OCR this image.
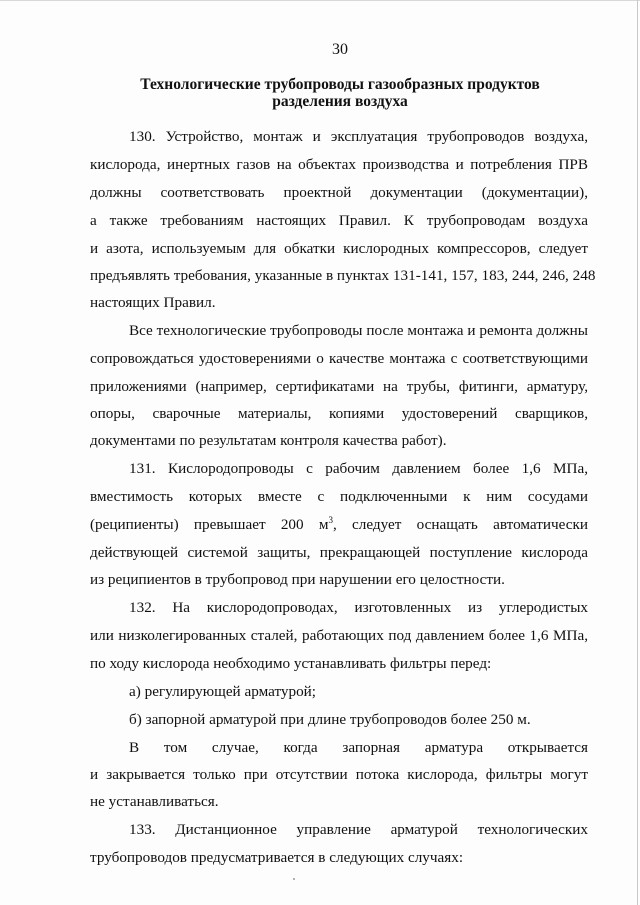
30
Технологические трубопроводы газообразных продуктов
разделения воздуха
130. Устройство, монтаж и эксплуатация трубопроводов воздуха,
кислорода, инертных газов на объектах производства и потребления ПРВ
должны соответствовать проектной документации (документации),
а также требованиям настоящих Правил. К трубопроводам воздуха
и азота, используемым для обкатки кислородных компрессоров, следует
предъявлять требования, указанные в пунктах 131-141, 157, 183, 244, 246, 248
настоящих Правил.
Все технологические трубопроводы после монтажа и ремонта должны
сопровождаться удостоверениями о качестве монтажа с соответствующими
приложениями (например, сертификатами на трубы, фитинги, арматуру,
опоры, сварочные материалы, копиями удостоверений сварщиков,
документами по результатам контроля качества работ).
131. Кислородопроводы с рабочим давлением более 1,6 МПа,
вместимость которых вместе с подключенными к ним сосудами
(реципиенты)   превышает   200   $м^3$,   следует   оснащать   автоматически
действующей системой защиты, прекращающей поступление кислорода
из реципиентов в трубопровод при нарушении его целостности.
132. На кислородопроводах, изготовленных из углеродистых
или низколегированных сталей, работающих под давлением более 1,6 МПа,
по ходу кислорода необходимо устанавливать фильтры перед:
а) регулирующей арматурой;
б) запорной арматурой при длине трубопроводов более 250 м.
В том случае, когда запорная арматура открывается
и закрывается только при отсутствии потока кислорода, фильтры могут
не устанавливаться.
133. Дистанционное управление арматурой технологических
трубопроводов предусматривается в следующих случаях:
